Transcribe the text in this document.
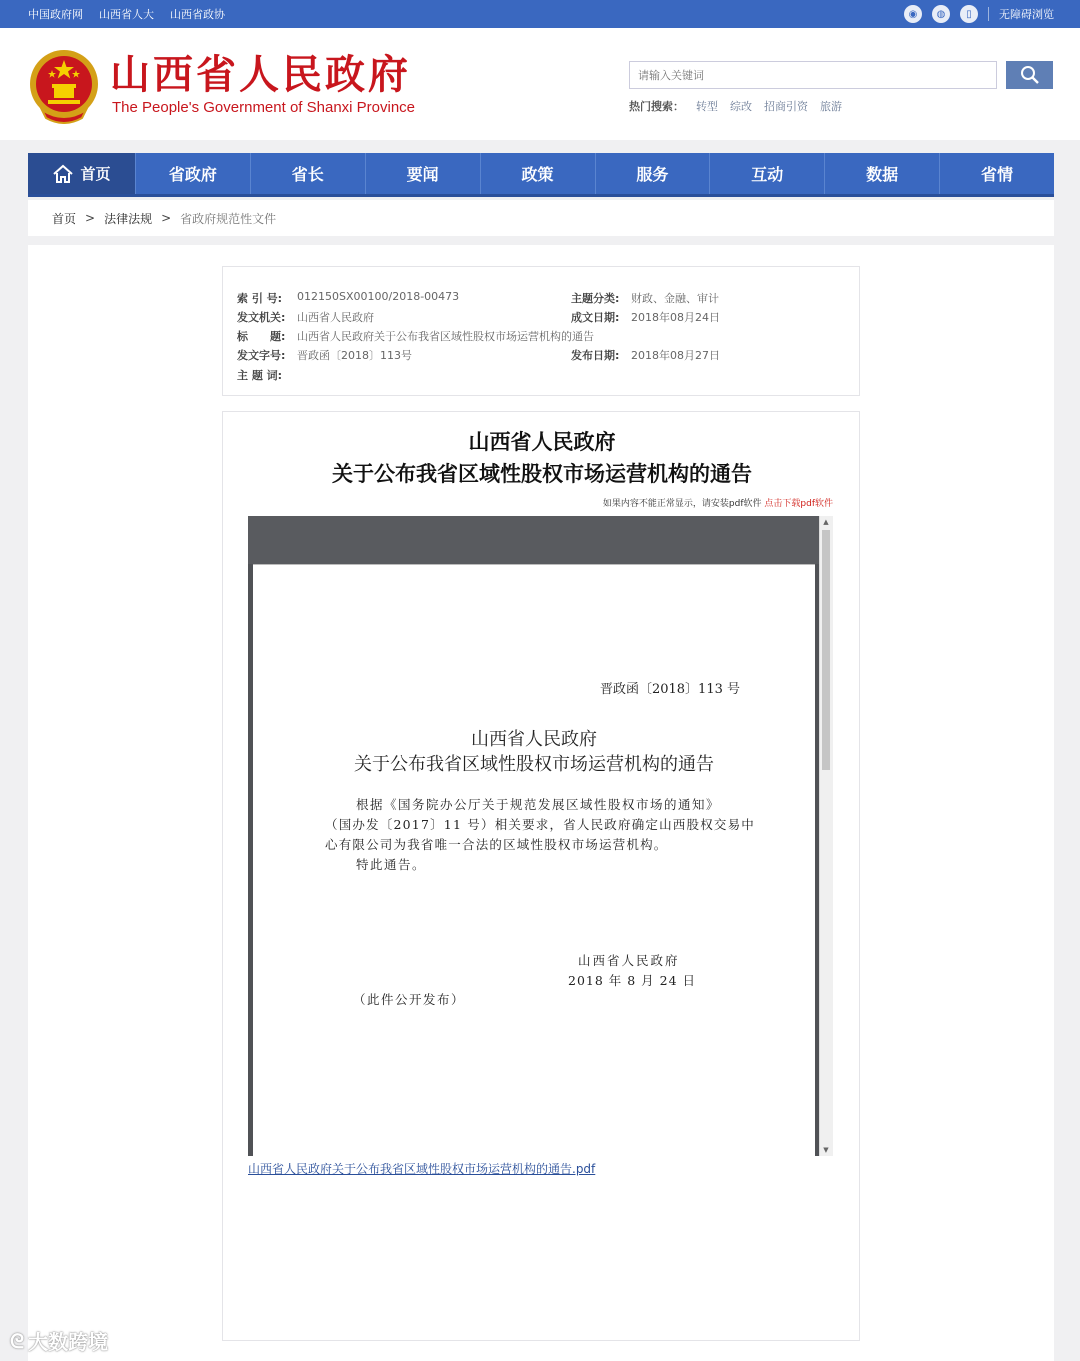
中国政府网 山西省人大 山西省政协	◉	◍	▯	无障碍浏览
山西省人民政府
The People's Government of Shanxi Province
请输入关键词	热门搜索： 转型 综改 招商引资 旅游
首页	省政府	省长	要闻	政策	服务	互动	数据	省情
首页 > 法律法规 > 省政府规范性文件
索 引 号:	012150SX00100/2018-00473	主题分类: 财政、金融、审计
发文机关: 山西省人民政府	成文日期: 2018年08月24日
标　　题: 山西省人民政府关于公布我省区域性股权市场运营机构的通告
发文字号: 晋政函〔2018〕113号	发布日期: 2018年08月27日
主 题 词:
山西省人民政府
关于公布我省区域性股权市场运营机构的通告
如果内容不能正常显示，请安装pdf软件 点击下载pdf软件
晋政函〔2018〕113 号
山西省人民政府
关于公布我省区域性股权市场运营机构的通告
根据《国务院办公厅关于规范发展区域性股权市场的通知》
（国办发〔2017〕11 号）相关要求，省人民政府确定山西股权交易中
心有限公司为我省唯一合法的区域性股权市场运营机构。
特此通告。
山西省人民政府
2018 年 8 月 24 日
（此件公开发布）
▲
▼
山西省人民政府关于公布我省区域性股权市场运营机构的通告.pdf
ᘓ 大数跨境
